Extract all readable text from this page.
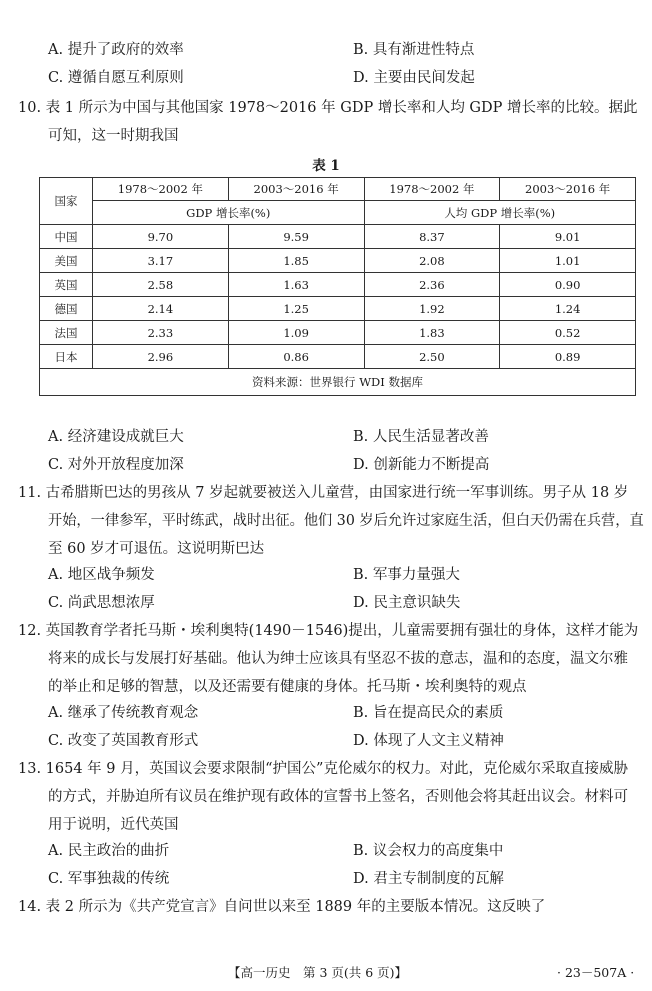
A. 提升了政府的效率	B. 具有渐进性特点
C. 遵循自愿互利原则	D. 主要由民间发起
10. 表 1 所示为中国与其他国家 1978～2016 年 GDP 增长率和人均 GDP 增长率的比较。据此
可知，这一时期我国
表 1
国家	1978～2002 年	2003～2016 年	1978～2002 年	2003～2016 年
	GDP 增长率(%)		人均 GDP 增长率(%)	
中国	9.70	9.59	8.37	9.01
美国	3.17	1.85	2.08	1.01
英国	2.58	1.63	2.36	0.90
德国	2.14	1.25	1.92	1.24
法国	2.33	1.09	1.83	0.52
日本	2.96	0.86	2.50	0.89
资料来源：世界银行 WDI 数据库				
A. 经济建设成就巨大	B. 人民生活显著改善
C. 对外开放程度加深	D. 创新能力不断提高
11. 古希腊斯巴达的男孩从 7 岁起就要被送入儿童营，由国家进行统一军事训练。男子从 18 岁
开始，一律参军，平时练武，战时出征。他们 30 岁后允许过家庭生活，但白天仍需在兵营，直
至 60 岁才可退伍。这说明斯巴达
A. 地区战争频发	B. 军事力量强大
C. 尚武思想浓厚	D. 民主意识缺失
12. 英国教育学者托马斯・埃利奥特(1490－1546)提出，儿童需要拥有强壮的身体，这样才能为
将来的成长与发展打好基础。他认为绅士应该具有坚忍不拔的意志，温和的态度，温文尔雅
的举止和足够的智慧，以及还需要有健康的身体。托马斯・埃利奥特的观点
A. 继承了传统教育观念	B. 旨在提高民众的素质
C. 改变了英国教育形式	D. 体现了人文主义精神
13. 1654 年 9 月，英国议会要求限制“护国公”克伦威尔的权力。对此，克伦威尔采取直接威胁
的方式，并胁迫所有议员在维护现有政体的宣誓书上签名，否则他会将其赶出议会。材料可
用于说明，近代英国
A. 民主政治的曲折	B. 议会权力的高度集中
C. 军事独裁的传统	D. 君主专制制度的瓦解
14. 表 2 所示为《共产党宣言》自问世以来至 1889 年的主要版本情况。这反映了
【高一历史　第 3 页(共 6 页)】	· 23－507A ·
